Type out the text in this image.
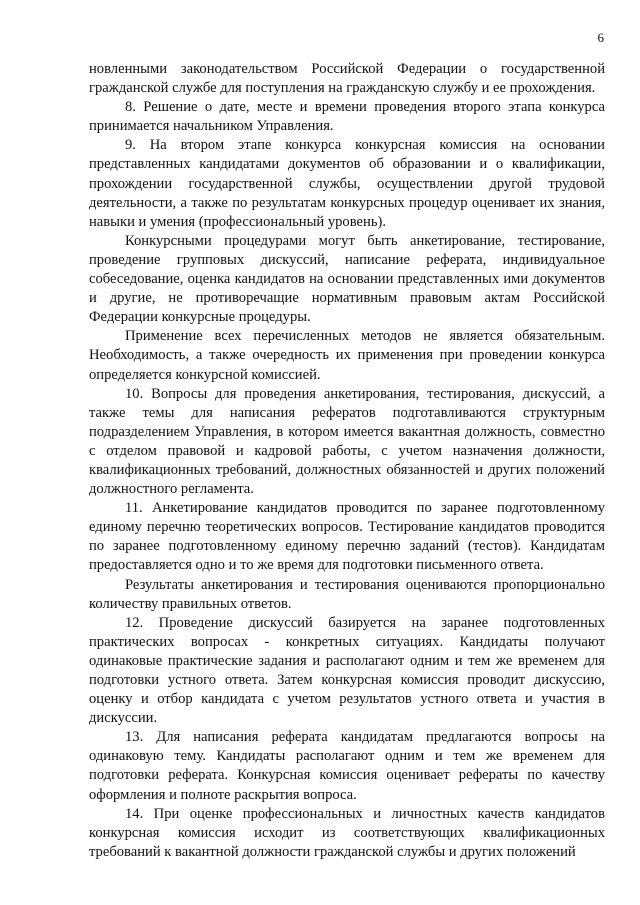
6

новленными законодательством Российской Федерации о государственной гражданской службе для поступления на гражданскую службу и ее прохождения.

8. Решение о дате, месте и времени проведения второго этапа конкурса принимается начальником Управления.

9. На втором этапе конкурса конкурсная комиссия на основании представленных кандидатами документов об образовании и о квалификации, прохождении государственной службы, осуществлении другой трудовой деятельности, а также по результатам конкурсных процедур оценивает их знания, навыки и умения (профессиональный уровень).

Конкурсными процедурами могут быть анкетирование, тестирование, проведение групповых дискуссий, написание реферата, индивидуальное собеседование, оценка кандидатов на основании представленных ими документов и другие, не противоречащие нормативным правовым актам Российской Федерации конкурсные процедуры.

Применение всех перечисленных методов не является обязательным. Необходимость, а также очередность их применения при проведении конкурса определяется конкурсной комиссией.

10. Вопросы для проведения анкетирования, тестирования, дискуссий, а также темы для написания рефератов подготавливаются структурным подразделением Управления, в котором имеется вакантная должность, совместно с отделом правовой и кадровой работы, с учетом назначения должности, квалификационных требований, должностных обязанностей и других положений должностного регламента.

11. Анкетирование кандидатов проводится по заранее подготовленному единому перечню теоретических вопросов. Тестирование кандидатов проводится по заранее подготовленному единому перечню заданий (тестов). Кандидатам предоставляется одно и то же время для подготовки письменного ответа.

Результаты анкетирования и тестирования оцениваются пропорционально количеству правильных ответов.

12. Проведение дискуссий базируется на заранее подготовленных практических вопросах - конкретных ситуациях. Кандидаты получают одинаковые практические задания и располагают одним и тем же временем для подготовки устного ответа. Затем конкурсная комиссия проводит дискуссию, оценку и отбор кандидата с учетом результатов устного ответа и участия в дискуссии.

13. Для написания реферата кандидатам предлагаются вопросы на одинаковую тему. Кандидаты располагают одним и тем же временем для подготовки реферата. Конкурсная комиссия оценивает рефераты по качеству оформления и полноте раскрытия вопроса.

14. При оценке профессиональных и личностных качеств кандидатов конкурсная комиссия исходит из соответствующих квалификационных требований к вакантной должности гражданской службы и других положений
